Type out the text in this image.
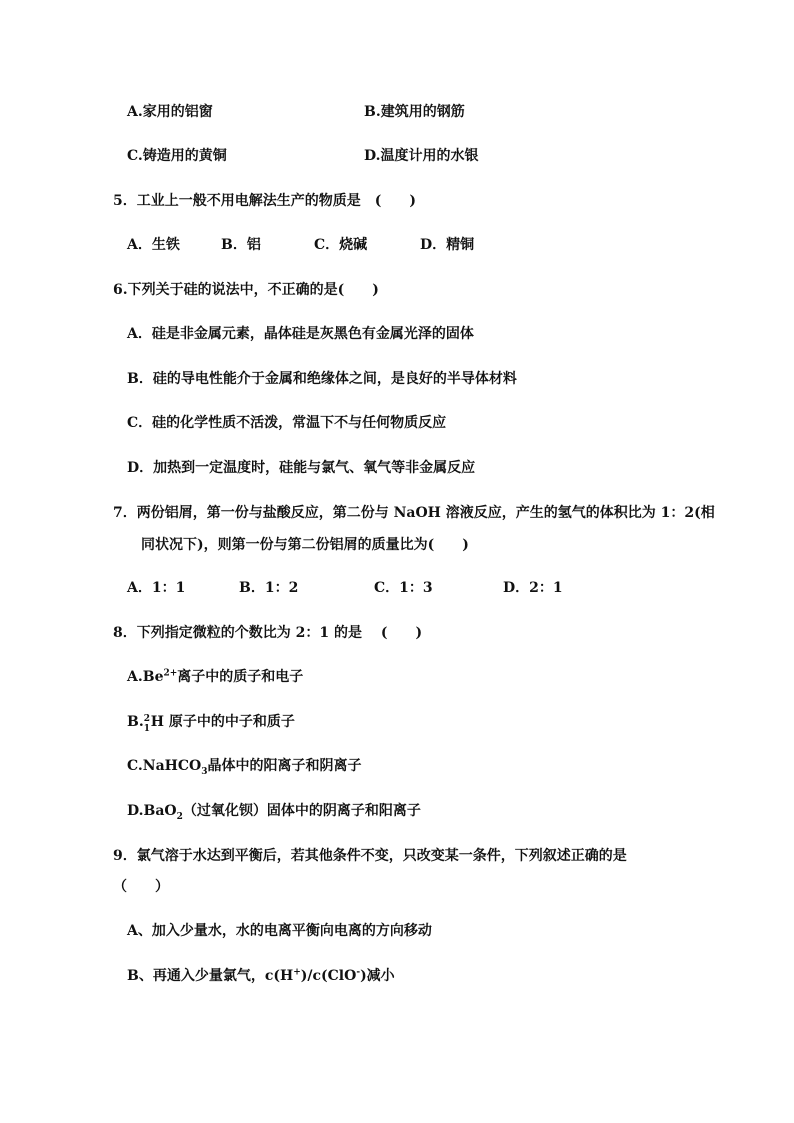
A.家用的铝窗	B.建筑用的钢筋
C.铸造用的黄铜	D.温度计用的水银
5．工业上一般不用电解法生产的物质是　(　　)
A．生铁	B．铝	C．烧碱	D．精铜
6.下列关于硅的说法中，不正确的是(　　)
A．硅是非金属元素，晶体硅是灰黑色有金属光泽的固体
B．硅的导电性能介于金属和绝缘体之间，是良好的半导体材料
C．硅的化学性质不活泼，常温下不与任何物质反应
D．加热到一定温度时，硅能与氯气、氧气等非金属反应
7．两份铝屑，第一份与盐酸反应，第二份与 NaOH 溶液反应，产生的氢气的体积比为 1：2(相
同状况下)，则第一份与第二份铝屑的质量比为(　　)
A．1：1	B．1：2	C．1：3	D．2：1
8．下列指定微粒的个数比为 2：1 的是　 (　　)
$A.Be^{2+}$离子中的质子和电子
B. 2
1 H 原子中的中子和质子
C.NaHCO$_3$晶体中的阳离子和阴离子
D.BaO$_2$（过氧化钡）固体中的阴离子和阳离子
9．氯气溶于水达到平衡后，若其他条件不变，只改变某一条件，下列叙述正确的是
（　　）
A、加入少量水，水的电离平衡向电离的方向移动
B、再通入少量氯气，c(H+)/c(ClO-)减小
